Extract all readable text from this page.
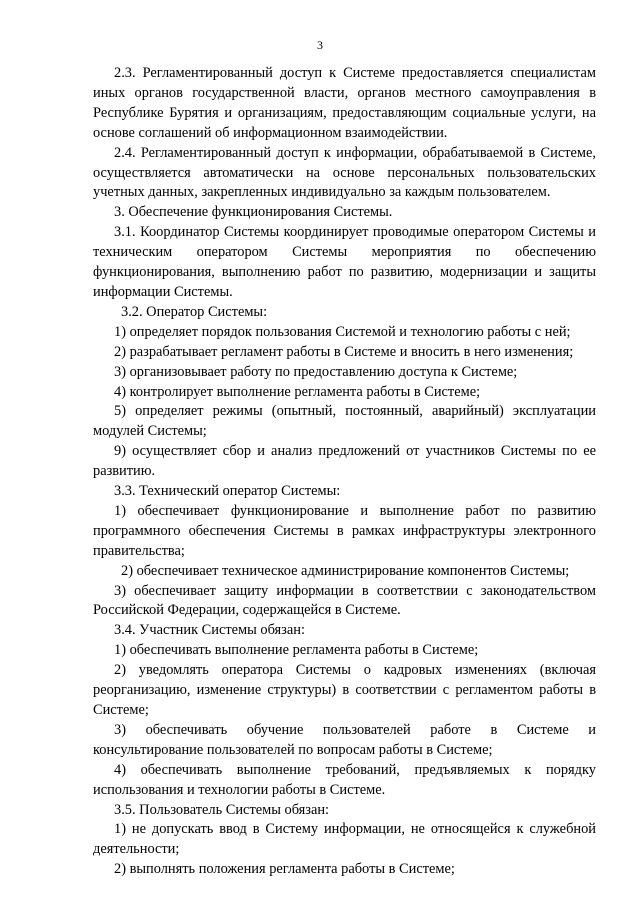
3

2.3. Регламентированный доступ к Системе предоставляется специалистам иных органов государственной власти, органов местного самоуправления в Республике Бурятия и организациям, предоставляющим социальные услуги, на основе соглашений об информационном взаимодействии.

2.4. Регламентированный доступ к информации, обрабатываемой в Системе, осуществляется автоматически на основе персональных пользовательских учетных данных, закрепленных индивидуально за каждым пользователем.

3. Обеспечение функционирования Системы.

3.1. Координатор Системы координирует проводимые оператором Системы и техническим оператором Системы мероприятия по обеспечению функционирования, выполнению работ по развитию, модернизации и защиты информации Системы.

3.2. Оператор Системы:

1) определяет порядок пользования Системой и технологию работы с ней;

2) разрабатывает регламент работы в Системе и вносить в него изменения;

3) организовывает работу по предоставлению доступа к Системе;

4) контролирует выполнение регламента работы в Системе;

5) определяет режимы (опытный, постоянный, аварийный) эксплуатации модулей Системы;

9) осуществляет сбор и анализ предложений от участников Системы по ее развитию.

3.3. Технический оператор Системы:

1) обеспечивает функционирование и выполнение работ по развитию программного обеспечения Системы в рамках инфраструктуры электронного правительства;

2) обеспечивает техническое администрирование компонентов Системы;

3) обеспечивает защиту информации в соответствии с законодательством Российской Федерации, содержащейся в Системе.

3.4. Участник Системы обязан:

1) обеспечивать выполнение регламента работы в Системе;

2) уведомлять оператора Системы о кадровых изменениях (включая реорганизацию, изменение структуры) в соответствии с регламентом работы в Системе;

3) обеспечивать обучение пользователей работе в Системе и консультирование пользователей по вопросам работы в Системе;

4) обеспечивать выполнение требований, предъявляемых к порядку использования и технологии работы в Системе.

3.5. Пользователь Системы обязан:

1) не допускать ввод в Систему информации, не относящейся к служебной деятельности;

2) выполнять положения регламента работы в Системе;
